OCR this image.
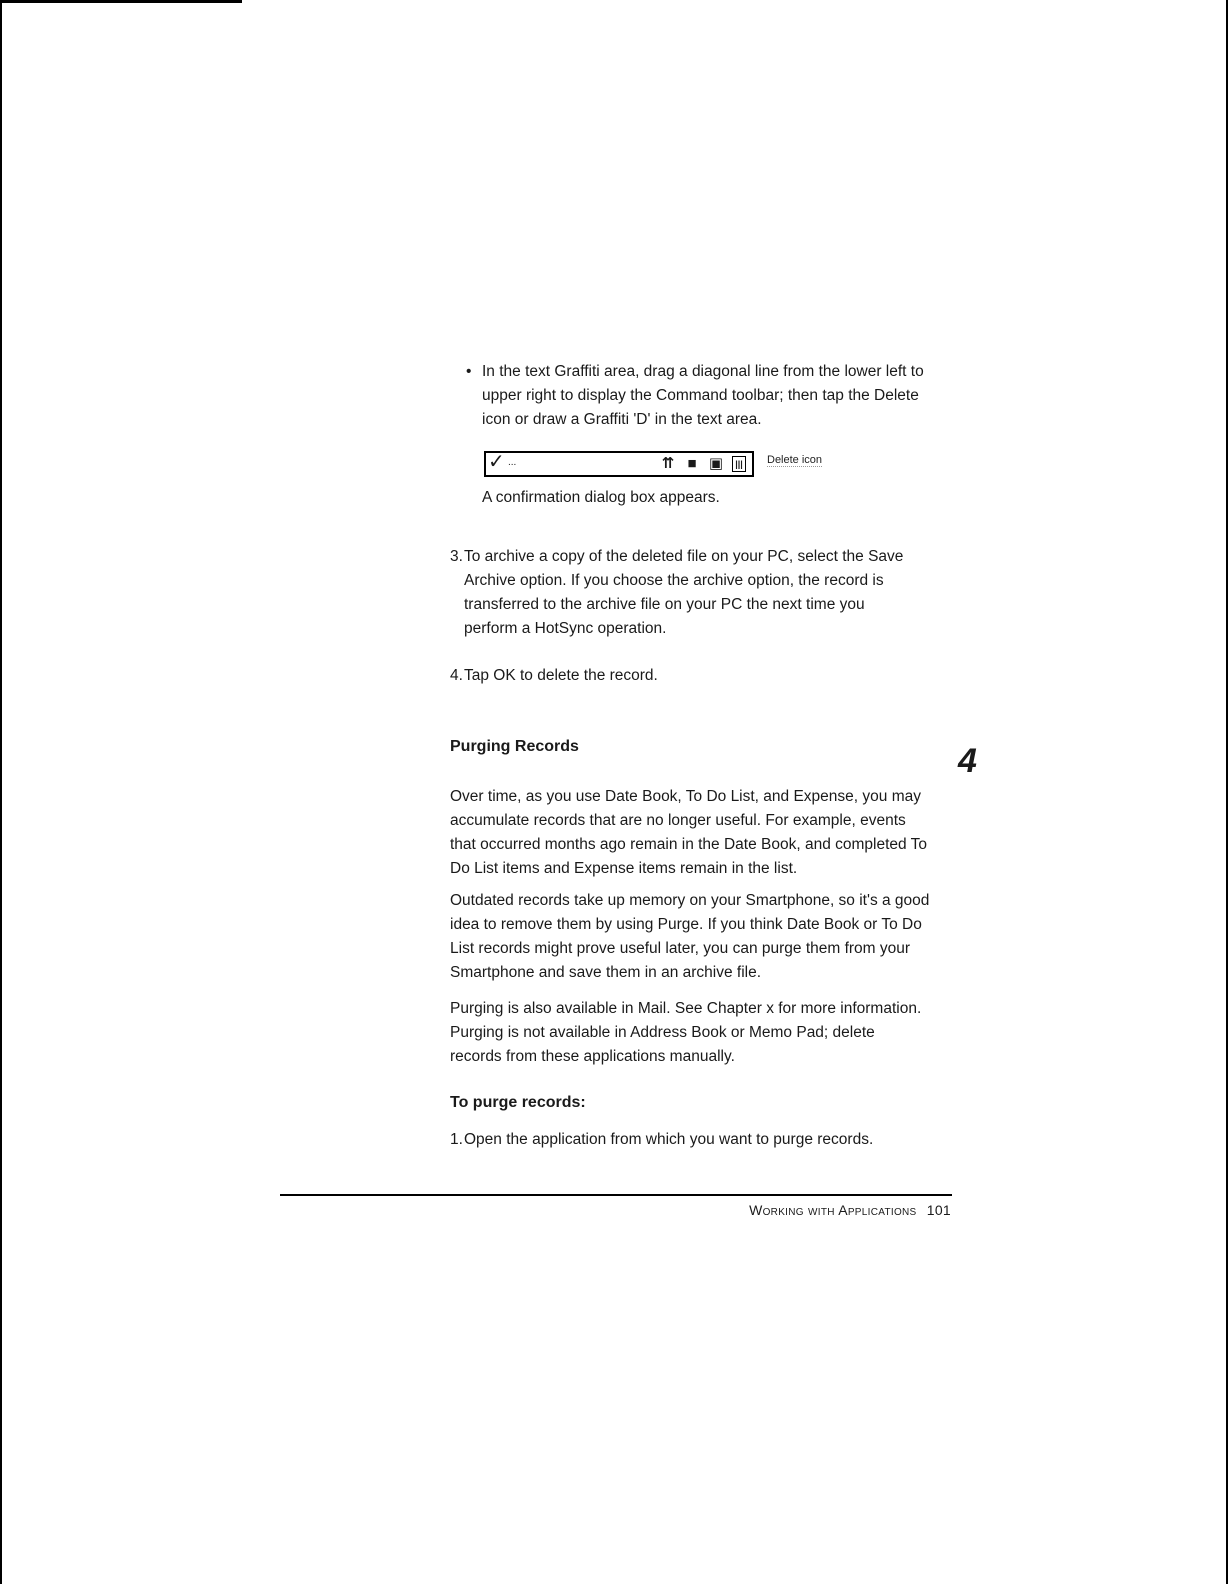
• In the text Graffiti area, drag a diagonal line from the lower left to upper right to display the Command toolbar; then tap the Delete icon or draw a Graffiti 'D' in the text area.
✓ ...	⇈ ■ ▣	||| Delete icon

A confirmation dialog box appears.

3. To archive a copy of the deleted file on your PC, select the Save Archive option. If you choose the archive option, the record is transferred to the archive file on your PC the next time you perform a HotSync operation.
4. Tap OK to delete the record.
Purging Records	4

Over time, as you use Date Book, To Do List, and Expense, you may accumulate records that are no longer useful. For example, events that occurred months ago remain in the Date Book, and completed To Do List items and Expense items remain in the list.

Outdated records take up memory on your Smartphone, so it's a good idea to remove them by using Purge. If you think Date Book or To Do List records might prove useful later, you can purge them from your Smartphone and save them in an archive file.

Purging is also available in Mail. See Chapter x for more information. Purging is not available in Address Book or Memo Pad; delete records from these applications manually.

To purge records:
1. Open the application from which you want to purge records.
Working with Applications 101
